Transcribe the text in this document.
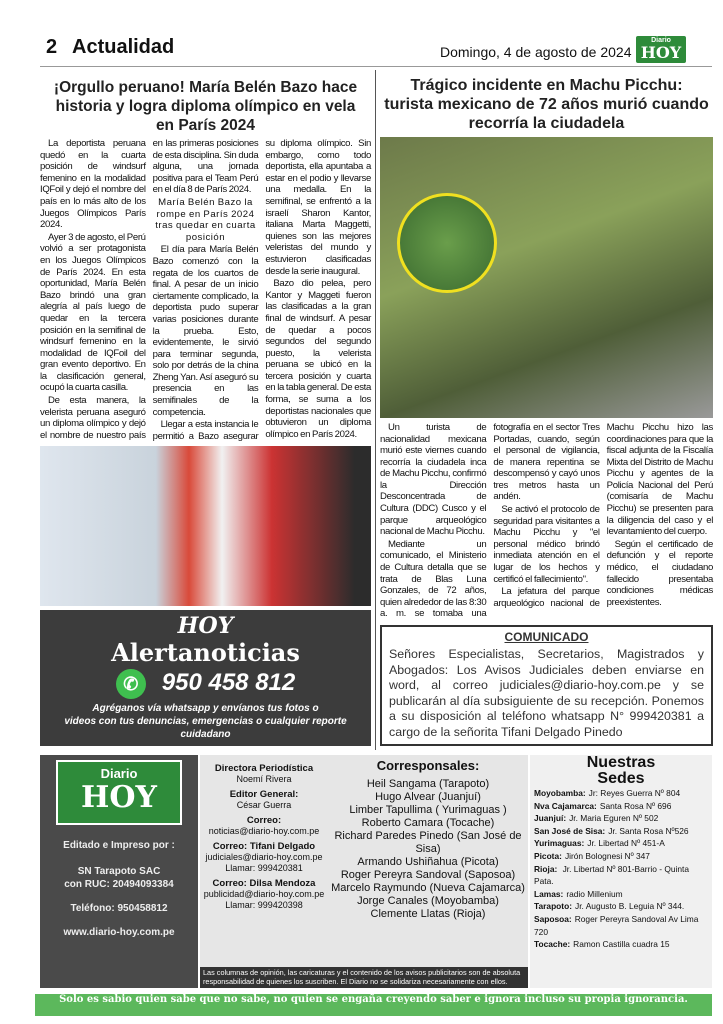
2 Actualidad	Domingo, 4 de agosto de 2024
Diario
HOY
¡Orgullo peruano! María Belén Bazo hace historia y logra diploma olímpico en vela en París 2024

La deportista peruana quedó en la cuarta posición de windsurf femenino en la modalidad IQFoil y dejó el nombre del país en lo más alto de los Juegos Olímpicos París 2024.

Ayer 3 de agosto, el Perú volvió a ser protagonista en los Juegos Olímpicos de París 2024. En esta oportunidad, María Belén Bazo brindó una gran alegría al país luego de quedar en la tercera posición en la semifinal de windsurf femenino en la modalidad de IQFoil del gran evento deportivo. En la clasificación general, ocupó la cuarta casilla.

De esta manera, la velerista peruana aseguró un diploma olímpico y dejó el nombre de nuestro país en las primeras posiciones de esta disciplina. Sin duda alguna, una jornada positiva para el Team Perú en el día 8 de París 2024.

María Belén Bazo la rompe en París 2024 tras quedar en cuarta posición

El día para María Belén Bazo comenzó con la regata de los cuartos de final. A pesar de un inicio ciertamente complicado, la deportista pudo superar varias posiciones durante la prueba. Esto, evidentemente, le sirvió para terminar segunda, solo por detrás de la china Zheng Yan. Así aseguró su presencia en las semifinales de la competencia.

Llegar a esta instancia le permitió a Bazo asegurar su diploma olímpico. Sin embargo, como todo deportista, ella apuntaba a estar en el podio y llevarse una medalla. En la semifinal, se enfrentó a la israelí Sharon Kantor, italiana Marta Maggetti, quienes son las mejores veleristas del mundo y estuvieron clasificadas desde la serie inaugural.

Bazo dio pelea, pero Kantor y Maggeti fueron las clasificadas a la gran final de windsurf. A pesar de quedar a pocos segundos del segundo puesto, la velerista peruana se ubicó en la tercera posición y cuarta en la tabla general. De esta forma, se suma a los deportistas nacionales que obtuvieron un diploma olímpico en París 2024.

HOY
Alertanoticias
✆ 950 458 812
Agréganos vía whatsapp y envíanos tus fotos o
videos con tus denuncias, emergencias o cualquier reporte cuidadano
Trágico incidente en Machu Picchu: turista mexicano de 72 años murió cuando recorría la ciudadela

Un turista de nacionalidad mexicana murió este viernes cuando recorría la ciudadela inca de Machu Picchu, confirmó la Dirección Desconcentrada de Cultura (DDC) Cusco y el parque arqueológico nacional de Machu Picchu.

Mediante un comunicado, el Ministerio de Cultura detalla que se trata de Blas Luna Gonzales, de 72 años, quien alrededor de las 8:30 a. m. se tomaba una fotografía en el sector Tres Portadas, cuando, según el personal de vigilancia, de manera repentina se descompensó y cayó unos tres metros hasta un andén.

Se activó el protocolo de seguridad para visitantes a Machu Picchu y "el personal médico brindó inmediata atención en el lugar de los hechos y certificó el fallecimiento".

La jefatura del parque arqueológico nacional de Machu Picchu hizo las coordinaciones para que la fiscal adjunta de la Fiscalía Mixta del Distrito de Machu Picchu y agentes de la Policía Nacional del Perú (comisaría de Machu Picchu) se presenten para la diligencia del caso y el levantamiento del cuerpo.

Según el certificado de defunción y el reporte médico, el ciudadano fallecido presentaba condiciones médicas preexistentes.

COMUNICADO
Señores Especialistas, Secretarios, Magistrados y Abogados: Los Avisos Judiciales deben enviarse en word, al correo judiciales@diario-hoy.com.pe y se publicarán al día subsiguiente de su recepción. Ponemos a su disposición al teléfono whatsapp N° 999420381 a cargo de la señorita Tifani Delgado Pinedo
Diario
HOY
Editado e Impreso por :
SN Tarapoto SAC
con RUC: 20494093384
Teléfono: 950458812
www.diario-hoy.com.pe
Directora Periodística
Noemí Rivera
Editor General:
César Guerra
Correo:
noticias@diario-hoy.com.pe
Correo: Tifani Delgado
judiciales@diario-hoy.com.pe
Llamar: 999420381
Correo: Dilsa Mendoza
publicidad@diario-hoy.com.pe
Llamar: 999420398
Corresponsales:
Heil Sangama (Tarapoto)
Hugo Alvear (Juanjuí)
Limber Tapullima ( Yurimaguas )
Roberto Camara (Tocache)
Richard Paredes Pinedo (San José de Sisa)
Armando Ushiñahua (Picota)
Roger Pereyra Sandoval (Saposoa)
Marcelo Raymundo (Nueva Cajamarca)
Jorge Canales (Moyobamba)
Clemente Llatas (Rioja)
Las columnas de opinión, las caricaturas y el contenido de los avisos publicitarios son de absoluta responsabilidad de quienes los suscriben. El Diario no se solidariza necesariamente con ellos.
Nuestras
Sedes
Moyobamba: Jr: Reyes Guerra Nº 804
Nva Cajamarca: Santa Rosa Nº 696
Juanjuí: Jr. Maria Eguren Nº 502
San José de Sisa: Jr. Santa Rosa Nº526
Yurimaguas: Jr. Libertad Nº 451-A
Picota: Jirón Bolognesi Nº 347
Rioja: Jr. Libertad Nº 801-Barrio - Quinta Pata.
Lamas: radio Millenium
Tarapoto: Jr. Augusto B. Leguia Nº 344.
Saposoa: Roger Pereyra Sandoval Av Lima 720
Tocache: Ramon Castilla cuadra 15
Solo es sabio quien sabe que no sabe, no quien se engaña creyendo saber e ignora incluso su propia ignorancia.
